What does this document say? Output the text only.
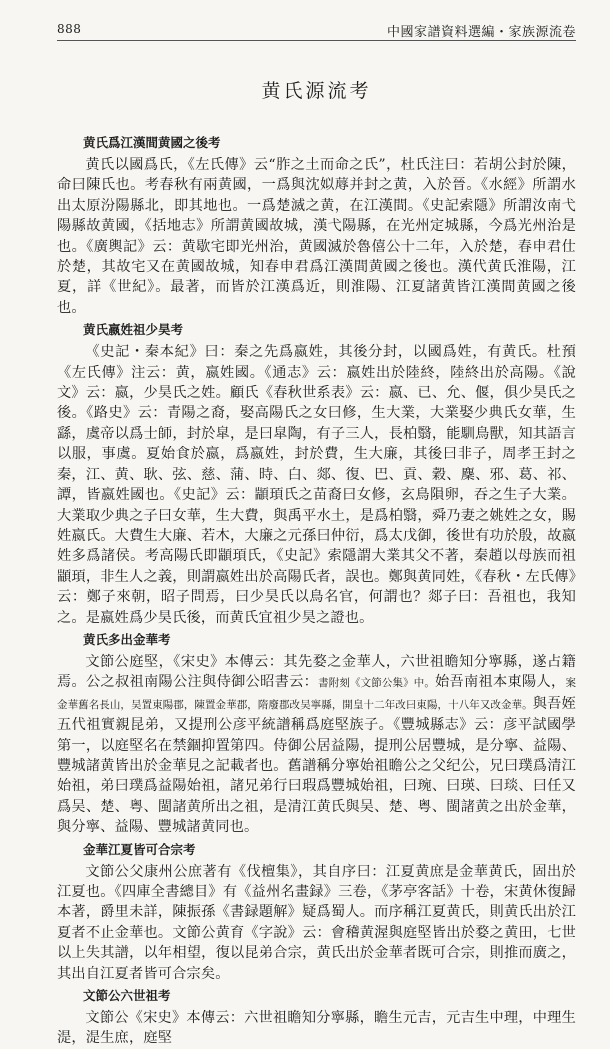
888	中國家譜資料選編・家族源流卷
黄氏源流考
黄氏爲江漢間黄國之後考

黄氏以國爲氏，《左氏傳》云“胙之土而命之氏”，杜氏注曰：若胡公封於陳，命曰陳氏也。考春秋有兩黄國，一爲與沈姒蓐并封之黄，入於晉。《水經》所謂水出太原汾陽縣北，即其地也。一爲楚滅之黄，在江漢間。《史記索隱》所謂汝南弋陽縣故黄國，《括地志》所謂黄國故城，漢弋陽縣，在光州定城縣，今爲光州治是也。《廣輿記》云：黄歇宅即光州治，黄國滅於魯僖公十二年，入於楚，春申君仕於楚，其故宅又在黄國故城，知春申君爲江漢間黄國之後也。漢代黄氏淮陽，江夏，詳《世紀》。最著，而皆於江漢爲近，則淮陽、江夏諸黄皆江漢間黄國之後也。

黄氏嬴姓祖少昊考

《史記・秦本紀》曰：秦之先爲嬴姓，其後分封，以國爲姓，有黄氏。杜預《左氏傳》注云：黄，嬴姓國。《通志》云：嬴姓出於陸終，陸終出於高陽。《說文》云：嬴，少昊氏之姓。顧氏《春秋世系表》云：嬴、已、允、偃，俱少昊氏之後。《路史》云：青陽之裔，娶高陽氏之女曰修，生大業，大業娶少典氏女華，生繇，虞帝以爲士師，封於皐，是曰皐陶，有子三人，長柏翳，能馴鳥獸，知其語言以服，事虞。夏始食於嬴，爲嬴姓，封於費，生大廉，其後曰非子，周孝王封之秦，江、黄、耿、弦、慈、蒲、時、白、郯、復、巴、貢、穀、麇、邪、葛、祁、譚，皆嬴姓國也。《史記》云：顓頊氏之苗裔曰女修，玄鳥隕卵，吞之生子大業。大業取少典之子曰女華，生大費，與禹平水土，是爲柏翳，舜乃妻之姚姓之女，賜姓嬴氏。大費生大廉、若木，大廉之元孫曰仲衍，爲太戊御，後世有功於殷，故嬴姓多爲諸侯。考高陽氏即顓頊氏，《史記》索隱謂大業其父不著，秦趙以母族而祖顓頊，非生人之義，則謂嬴姓出於高陽氏者，誤也。鄭與黄同姓，《春秋・左氏傳》云：鄭子來朝，昭子問焉，曰少昊氏以鳥名官，何謂也？郯子曰：吾祖也，我知之。是嬴姓爲少昊氏後，而黄氏宜祖少昊之證也。

黄氏多出金華考

文節公庭堅，《宋史》本傳云：其先婺之金華人，六世祖瞻知分寧縣，遂占籍焉。公之叔祖南陽公注與侍御公昭書云：書附刻《文節公集》中。始吾南祖本東陽人，案金華舊名長山，吴置東陽郡，陳置金華郡，隋廢郡改吴寧縣，開皇十二年改曰東陽，十八年又改金華。與吾姪五代祖實親昆弟，又提刑公彦平統譜稱爲庭堅族子。《豐城縣志》云：彦平試國學第一，以庭堅名在禁錮抑置第四。侍御公居益陽，提刑公居豐城，是分寧、益陽、豐城諸黄皆出於金華見之記載者也。舊譜稱分寧始祖瞻公之父纪公，兄曰璞爲清江始祖，弟曰璞爲益陽始祖，諸兄弟行曰瑕爲豐城始祖，曰琬、曰瑛、曰琰、曰任又爲吴、楚、粤、閩諸黄所出之祖，是清江黄氏與吴、楚、粤、閩諸黄之出於金華，與分寧、益陽、豐城諸黄同也。

金華江夏皆可合宗考

文節公父康州公庶著有《伐檀集》，其自序曰：江夏黄庶是金華黄氏，固出於江夏也。《四庫全書總目》有《益州名畫録》三卷，《茅亭客話》十卷，宋黄休復歸本著，爵里未詳，陳振孫《書録題解》疑爲蜀人。而序稱江夏黄氏，則黄氏出於江夏者不止金華也。文節公黄育《字說》云：會稽黄渥與庭堅皆出於婺之黄田，七世以上失其譜，以年相望，復以昆弟合宗，黄氏出於金華者既可合宗，則推而廣之，其出自江夏者皆可合宗矣。

文節公六世祖考

文節公《宋史》本傳云：六世祖瞻知分寧縣，瞻生元吉，元吉生中理，中理生湜，湜生庶，庭堅
